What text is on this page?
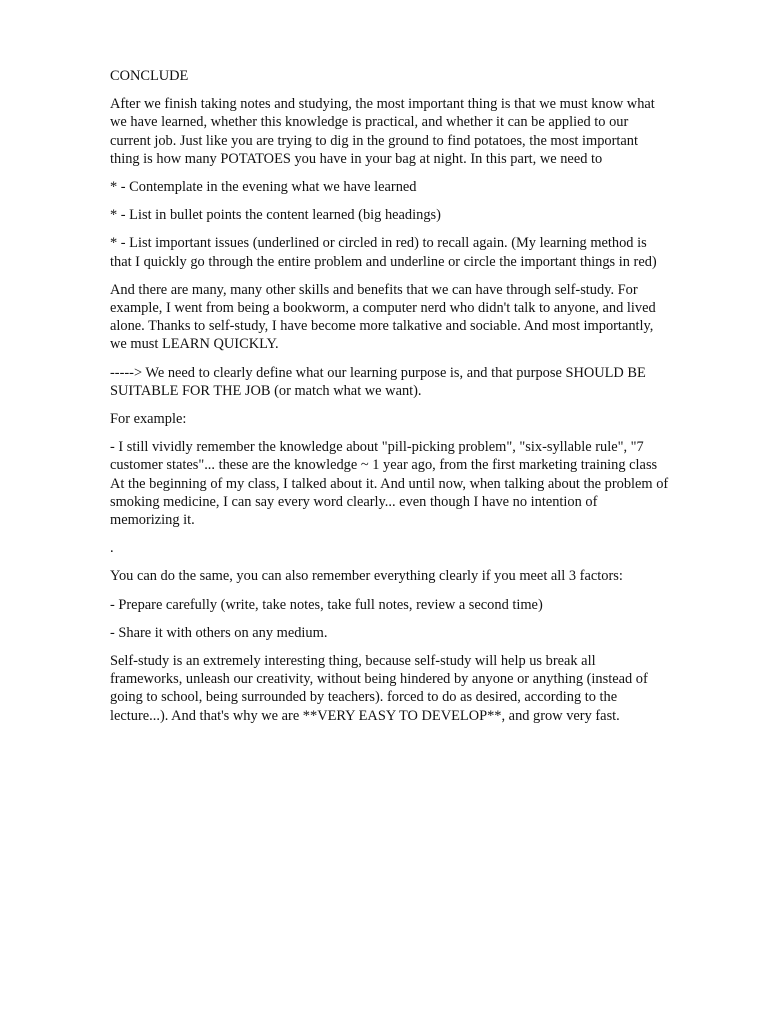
CONCLUDE

After we finish taking notes and studying, the most important thing is that we must know what
we have learned, whether this knowledge is practical, and whether it can be applied to our
current job. Just like you are trying to dig in the ground to find potatoes, the most important
thing is how many POTATOES you have in your bag at night. In this part, we need to

* - Contemplate in the evening what we have learned

* - List in bullet points the content learned (big headings)

* - List important issues (underlined or circled in red) to recall again. (My learning method is
that I quickly go through the entire problem and underline or circle the important things in red)

And there are many, many other skills and benefits that we can have through self-study. For
example, I went from being a bookworm, a computer nerd who didn't talk to anyone, and lived
alone. Thanks to self-study, I have become more talkative and sociable. And most importantly,
we must LEARN QUICKLY.

-----> We need to clearly define what our learning purpose is, and that purpose SHOULD BE
SUITABLE FOR THE JOB (or match what we want).

For example:

- I still vividly remember the knowledge about "pill-picking problem", "six-syllable rule", "7
customer states"... these are the knowledge ~ 1 year ago, from the first marketing training class
At the beginning of my class, I talked about it. And until now, when talking about the problem of
smoking medicine, I can say every word clearly... even though I have no intention of
memorizing it.

.

You can do the same, you can also remember everything clearly if you meet all 3 factors:

- Prepare carefully (write, take notes, take full notes, review a second time)

- Share it with others on any medium.

Self-study is an extremely interesting thing, because self-study will help us break all
frameworks, unleash our creativity, without being hindered by anyone or anything (instead of
going to school, being surrounded by teachers). forced to do as desired, according to the
lecture...). And that's why we are **VERY EASY TO DEVELOP**, and grow very fast.
